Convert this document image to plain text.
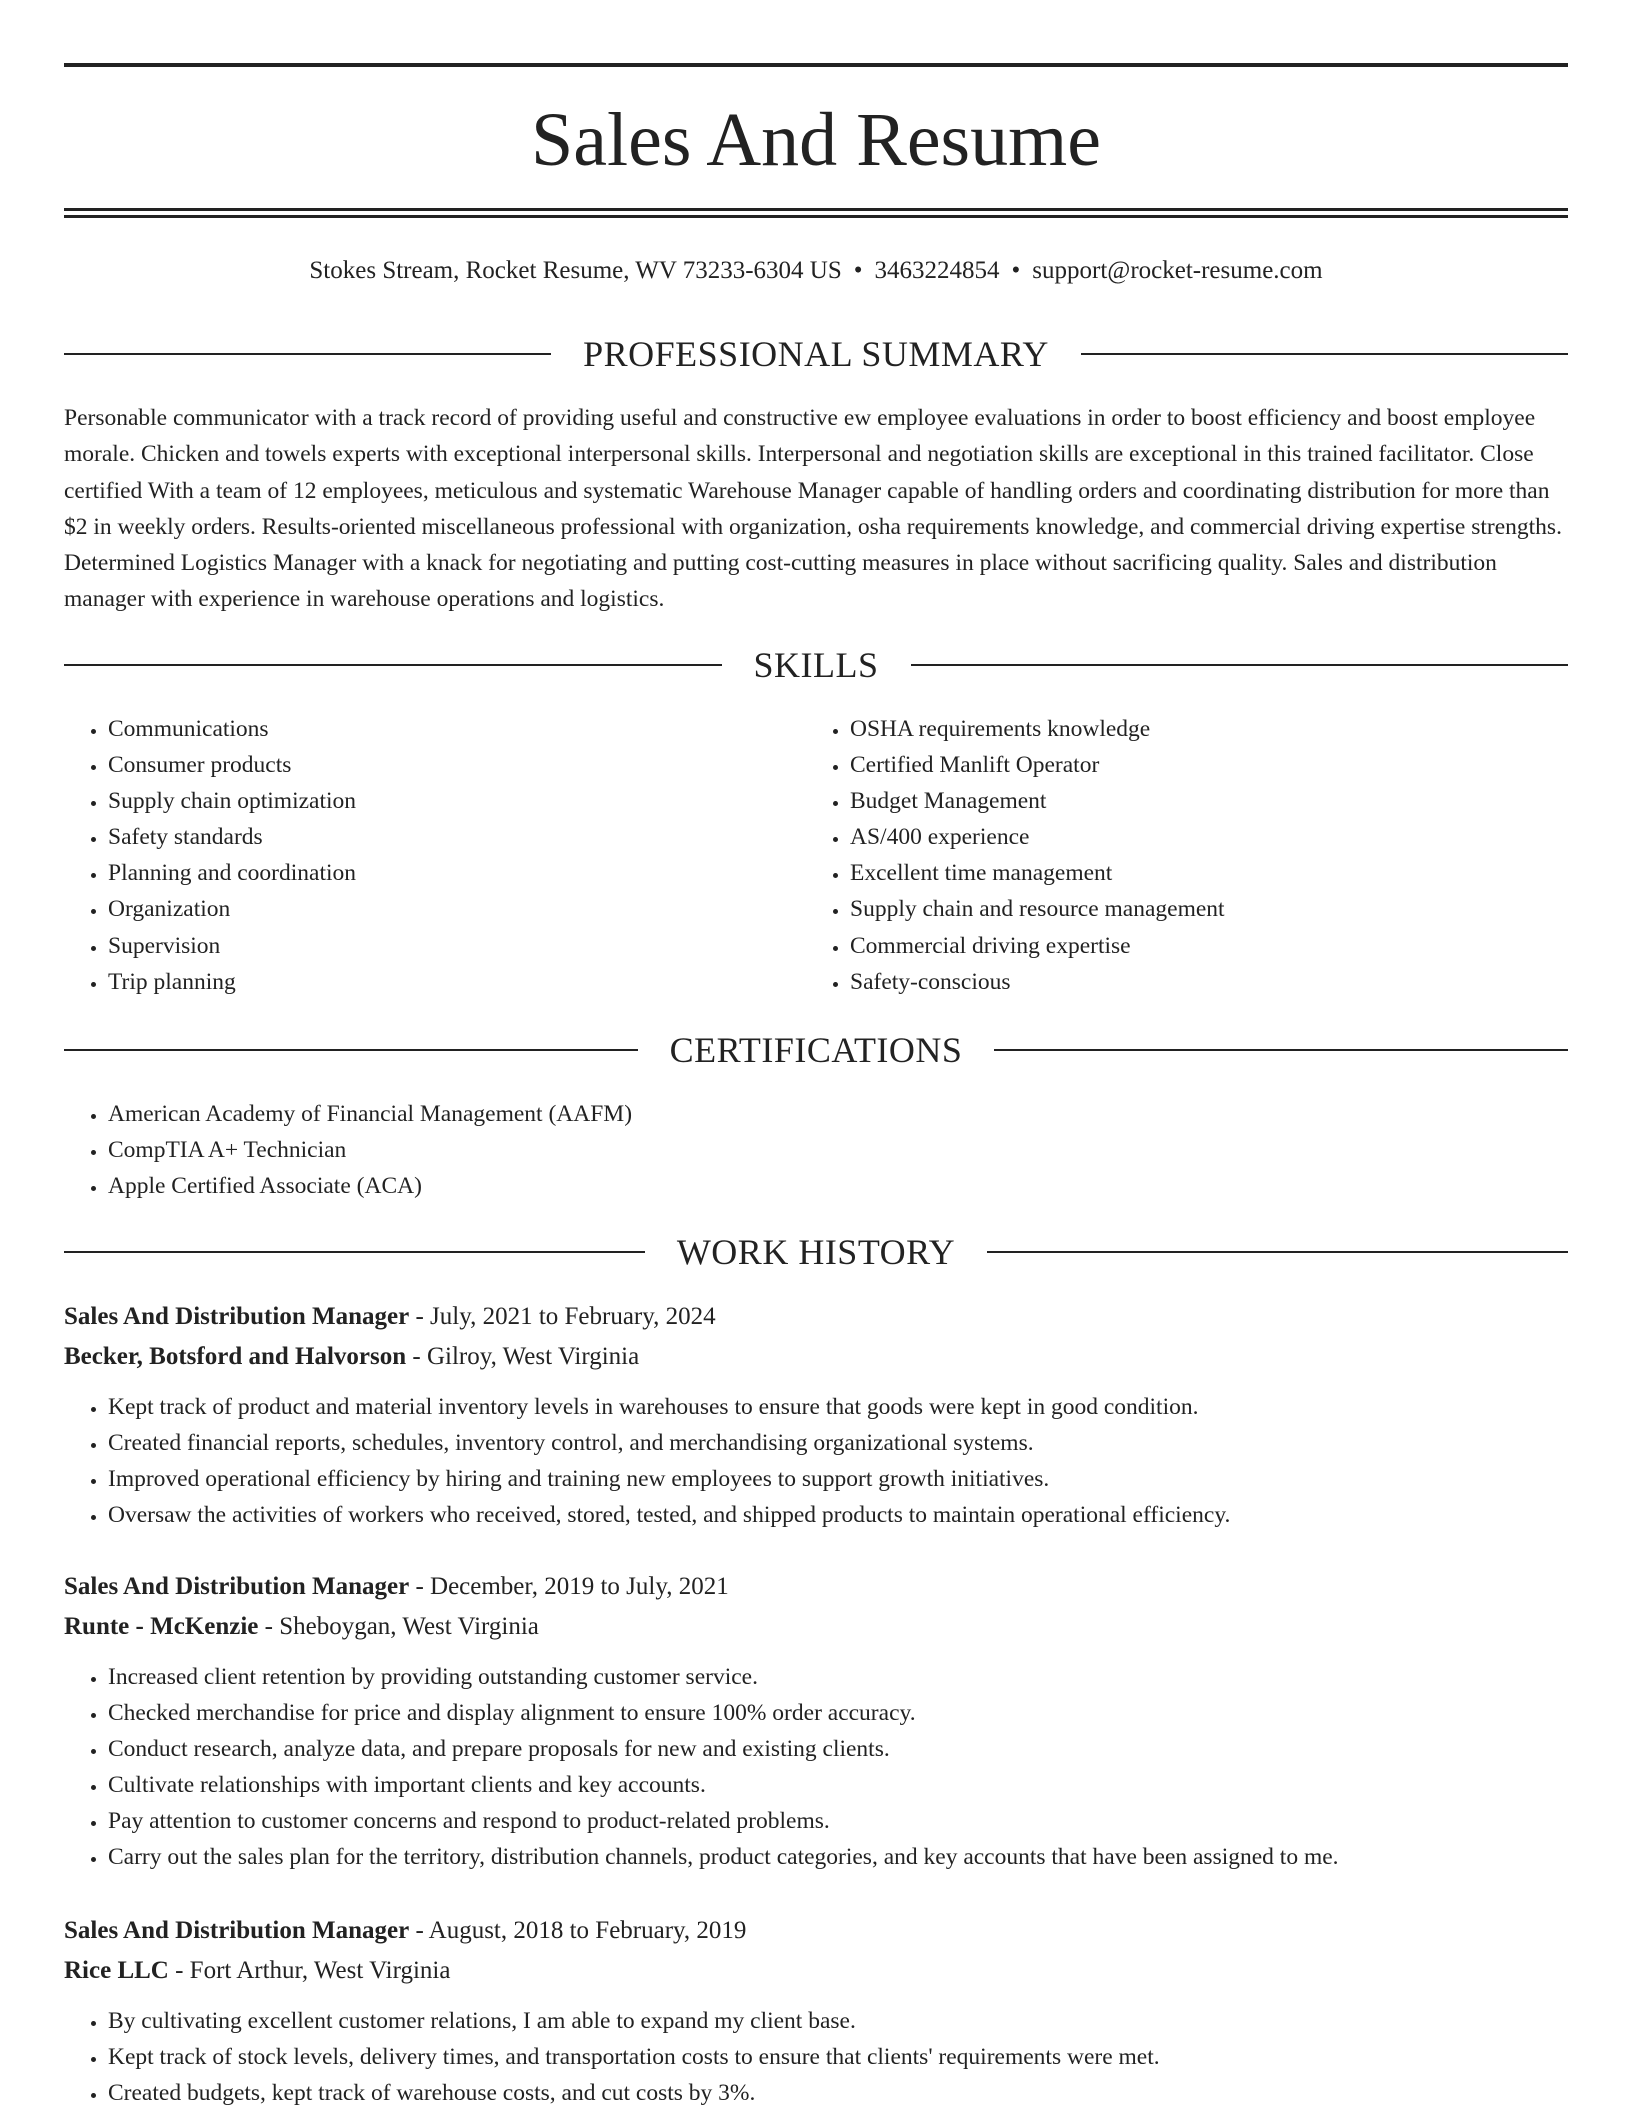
Sales And Resume
Stokes Stream, Rocket Resume, WV 73233-6304 US • 3463224854 • support@rocket-resume.com
PROFESSIONAL SUMMARY

Personable communicator with a track record of providing useful and constructive ew employee evaluations in order to boost efficiency and boost employee morale. Chicken and towels experts with exceptional interpersonal skills. Interpersonal and negotiation skills are exceptional in this trained facilitator. Close certified With a team of 12 employees, meticulous and systematic Warehouse Manager capable of handling orders and coordinating distribution for more than $2 in weekly orders. Results-oriented miscellaneous professional with organization, osha requirements knowledge, and commercial driving expertise strengths. Determined Logistics Manager with a knack for negotiating and putting cost-cutting measures in place without sacrificing quality. Sales and distribution manager with experience in warehouse operations and logistics.

SKILLS
• Communications
• Consumer products
• Supply chain optimization
• Safety standards
• Planning and coordination
• Organization
• Supervision
• Trip planning
• OSHA requirements knowledge
• Certified Manlift Operator
• Budget Management
• AS/400 experience
• Excellent time management
• Supply chain and resource management
• Commercial driving expertise
• Safety-conscious
CERTIFICATIONS
• American Academy of Financial Management (AAFM)
• CompTIA A+ Technician
• Apple Certified Associate (ACA)
WORK HISTORY
Sales And Distribution Manager - July, 2021 to February, 2024
Becker, Botsford and Halvorson - Gilroy, West Virginia
• Kept track of product and material inventory levels in warehouses to ensure that goods were kept in good condition.
• Created financial reports, schedules, inventory control, and merchandising organizational systems.
• Improved operational efficiency by hiring and training new employees to support growth initiatives.
• Oversaw the activities of workers who received, stored, tested, and shipped products to maintain operational efficiency.
Sales And Distribution Manager - December, 2019 to July, 2021
Runte - McKenzie - Sheboygan, West Virginia
• Increased client retention by providing outstanding customer service.
• Checked merchandise for price and display alignment to ensure 100% order accuracy.
• Conduct research, analyze data, and prepare proposals for new and existing clients.
• Cultivate relationships with important clients and key accounts.
• Pay attention to customer concerns and respond to product-related problems.
• Carry out the sales plan for the territory, distribution channels, product categories, and key accounts that have been assigned to me.
Sales And Distribution Manager - August, 2018 to February, 2019
Rice LLC - Fort Arthur, West Virginia
• By cultivating excellent customer relations, I am able to expand my client base.
• Kept track of stock levels, delivery times, and transportation costs to ensure that clients' requirements were met.
• Created budgets, kept track of warehouse costs, and cut costs by 3%.
